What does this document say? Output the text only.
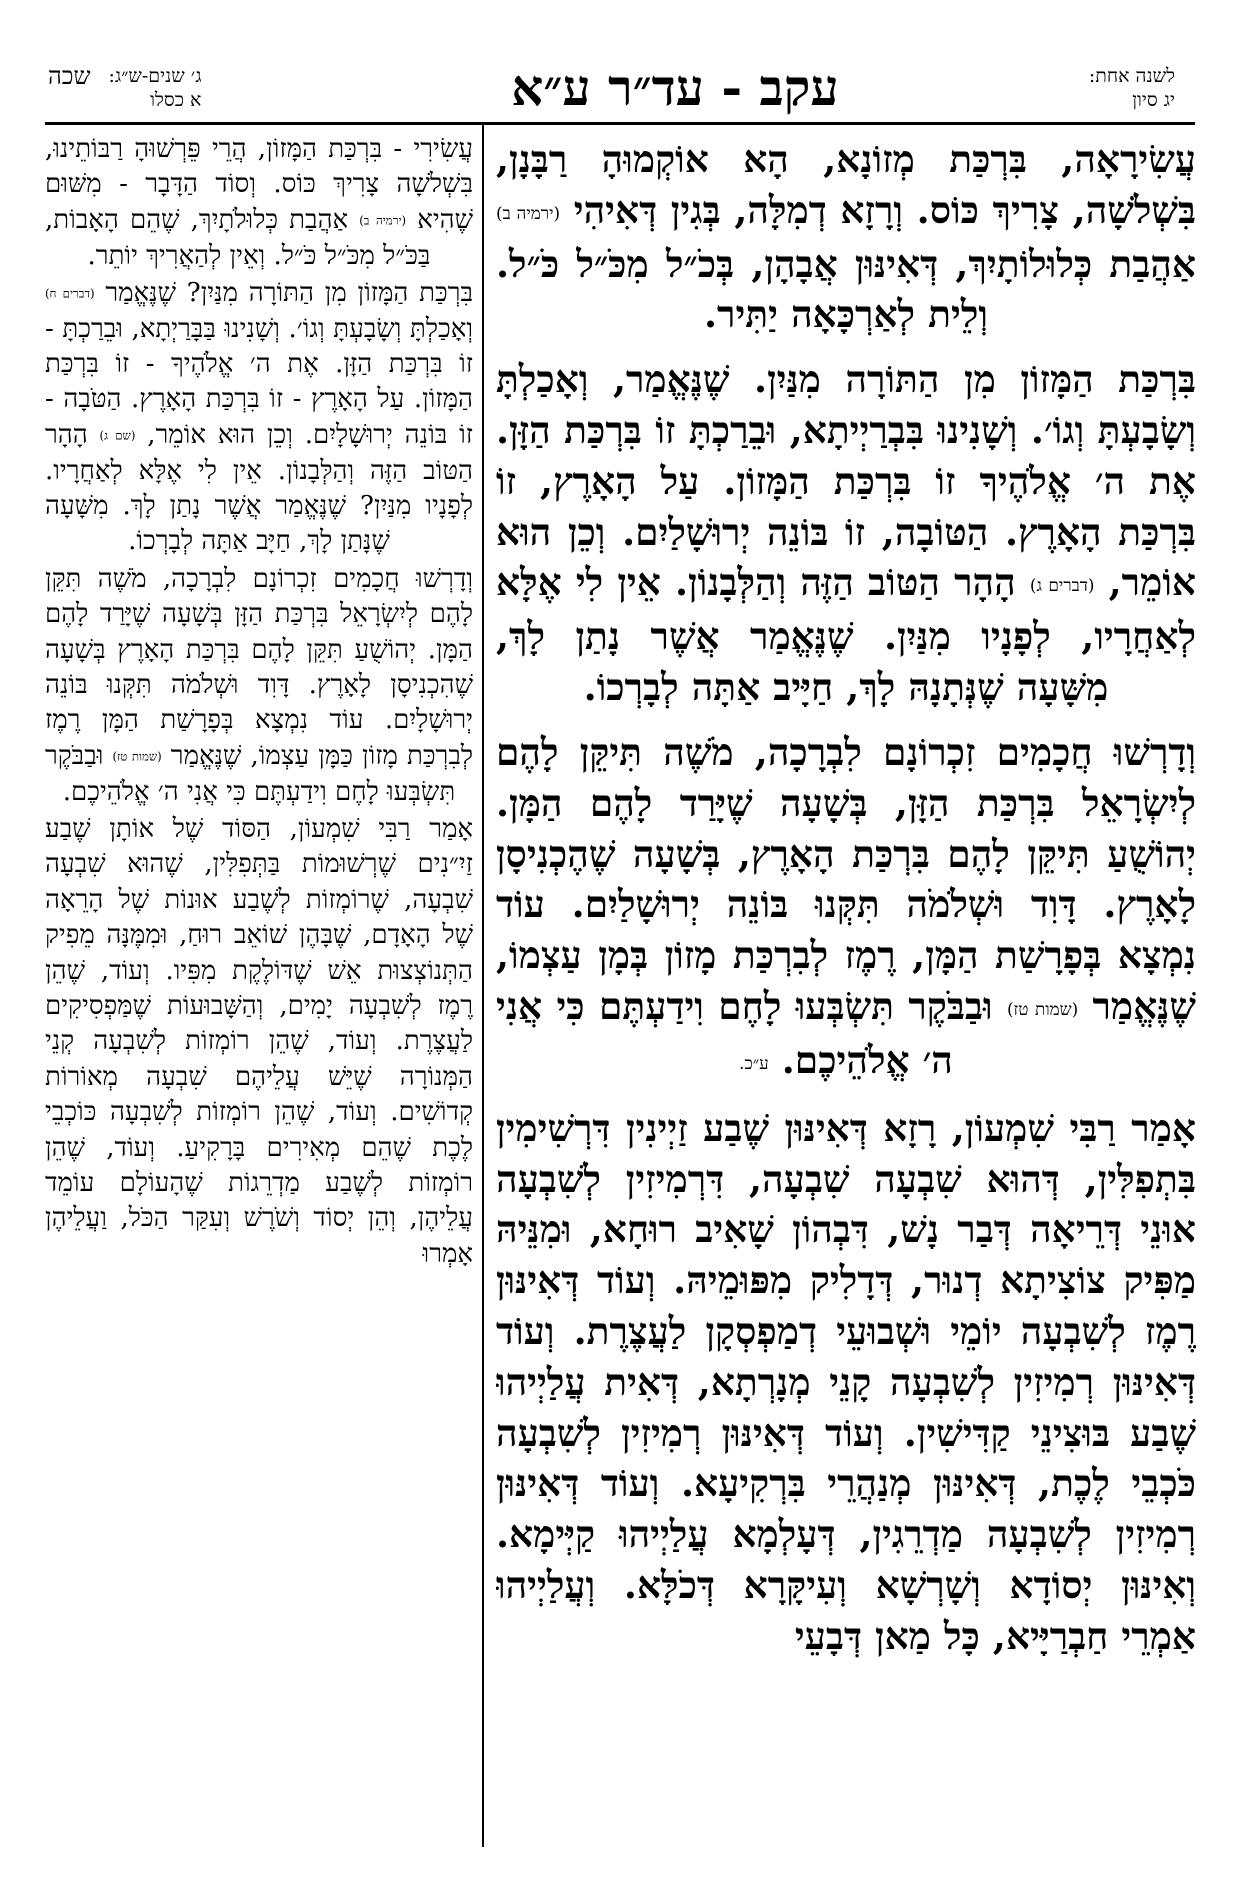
לשנה אחת:
יג סיון
עקב - עד״ר ע״א
ג׳ שנים-ש״ג:
שכה
א כסלו

עֲשִׂירָאָה, בִּרְכַּת מְזוֹנָא, הָא אוֹקְמוּהָ רַבָּנָן, בִּשְׁלֹשָׁה, צָרִיךְ כּוֹס. וְרָזָא דְמִלָּה, בְּגִין דְּאִיהִי (ירמיה ב) אַהֲבַת כְּלוּלוֹתָיִךְ, דְּאִינּוּן אֲבָהָן, בְּכֹ״ל מִכֹּ״ל כֹּ״ל. וְלֵית לְאַרְכָּאָה יַתִּיר.

בִּרְכַּת הַמָּזוֹן מִן הַתּוֹרָה מִנַּיִן. שֶׁנֶּאֱמַר, וְאָכַלְתָּ וְשָׂבָעְתָּ וְגוֹ׳. וְשָׁנִינוּ בִּבְרַיְיתָא, וּבֵרַכְתָּ זוֹ בִּרְכַּת הַזָּן. אֶת ה׳ אֱלֹהֶיךָ זוֹ בִּרְכַּת הַמָּזוֹן. עַל הָאָרֶץ, זוֹ בִּרְכַּת הָאָרֶץ. הַטּוֹבָה, זוֹ בּוֹנֵה יְרוּשָׁלַיִם. וְכֵן הוּא אוֹמֵר, (דברים ג) הָהָר הַטּוֹב הַזֶּה וְהַלְּבָנוֹן. אֵין לִי אֶלָּא לְאַחֲרָיו, לְפָנָיו מִנַּיִן. שֶׁנֶּאֱמַר אֲשֶׁר נָתַן לָךְ, מִשָּׁעָה שֶׁנְּתָנָהּ לָךְ, חַיָּיב אַתָּה לְבָרְכוֹ.

וְדָרְשׁוּ חֲכָמִים זִכְרוֹנָם לִבְרָכָה, מֹשֶׁה תִּיקֵּן לָהֶם לְיִשְׂרָאֵל בִּרְכַּת הַזָּן, בְּשָׁעָה שֶׁיָּרַד לָהֶם הַמָּן. יְהוֹשֻׁעַ תִּיקֵּן לָהֶם בִּרְכַּת הָאָרֶץ, בְּשָׁעָה שֶׁהֶכְנִיסָן לָאָרֶץ. דָּוִד וּשְׁלֹמֹה תִּקְּנוּ בּוֹנֵה יְרוּשָׁלַיִם. עוֹד נִמְצָא בְּפָרָשַׁת הַמָּן, רֶמֶז לְבִרְכַּת מָזוֹן בְּמָן עַצְמוֹ, שֶׁנֶּאֱמַר (שמות טז) וּבַבֹּקֶר תִּשְׂבְּעוּ לָחֶם וִידַעְתֶּם כִּי אֲנִי ה׳ אֱלֹהֵיכֶם. ע״כ.

אָמַר רַבִּי שִׁמְעוֹן, רָזָא דְּאִינּוּן שֶׁבַע זַיְינִין דִּרְשִׁימִין בִּתְפִלִּין, דְּהוּא שִׁבְעָה שִׁבְעָה, דִּרְמִיזִין לְשִׁבְעָה אוּנֵי דְּרֵיאָה דְּבַר נָשׁ, דִּבְהוֹן שָׁאִיב רוּחָא, וּמִנֵּיהּ מַפִּיק צוֹצִיתָא דְנוּר, דְּדָלִיק מִפּוּמֵיהּ. וְעוֹד דְּאִינּוּן רֶמֶז לְשִׁבְעָה יוֹמֵי וּשְׁבוּעֵי דְמַפְסְקָן לַעֲצֶרֶת. וְעוֹד דְּאִינּוּן רְמִיזִין לְשִׁבְעָה קָנֵי מְנָרְתָא, דְּאִית עֲלַיְיהוּ שֶׁבַע בּוּצִינֵי קַדִּישִׁין. וְעוֹד דְּאִינּוּן רְמִיזִין לְשִׁבְעָה כֹּכְבֵי לֶכֶת, דְּאִינּוּן מְנַהֲרֵי בִּרְקִיעָא. וְעוֹד דְּאִינּוּן רְמִיזִין לְשִׁבְעָה מַדְרֵגִין, דְּעָלְמָא עֲלַיְיהוּ קַיְּימָא. וְאִינּוּן יְסוֹדָא וְשָׁרְשָׁא וְעִיקָּרָא דְּכֹלָּא. וְעֲלַיְיהוּ אַמְרֵי חַבְרַיָּיא, כָּל מַאן דְּבָעֵי

עֲשִׂירִי - בִּרְכַּת הַמָּזוֹן, הֲרֵי פֵּרְשׁוּהָ רַבּוֹתֵינוּ, בִּשְׁלֹשָׁה צָרִיךְ כּוֹס. וְסוֹד הַדָּבָר - מִשּׁוּם שֶׁהִיא (ירמיה ב) אַהֲבַת כְּלוּלֹתָיִךְ, שֶׁהֵם הָאָבוֹת, בַּכֹּ״ל מִכֹּ״ל כֹּ״ל. וְאֵין לְהַאֲרִיךְ יוֹתֵר.

בִּרְכַּת הַמָּזוֹן מִן הַתּוֹרָה מִנַּיִן? שֶׁנֶּאֱמַר (דברים ח) וְאָכַלְתָּ וְשָׂבָעְתָּ וְגוֹ׳. וְשָׁנִינוּ בַּבָּרַיְתָא, וּבֵרַכְתָּ - זוֹ בִּרְכַּת הַזָּן. אֶת ה׳ אֱלֹהֶיךָ - זוֹ בִּרְכַּת הַמָּזוֹן. עַל הָאָרֶץ - זוֹ בִּרְכַּת הָאָרֶץ. הַטֹּבָה - זוֹ בּוֹנֵה יְרוּשָׁלָיִם. וְכֵן הוּא אוֹמֵר, (שם ג) הָהָר הַטּוֹב הַזֶּה וְהַלְּבָנוֹן. אֵין לִי אֶלָּא לְאַחֲרָיו. לְפָנָיו מִנַּיִן? שֶׁנֶּאֱמַר אֲשֶׁר נָתַן לָךְ. מִשָּׁעָה שֶׁנָּתַן לָךְ, חַיָּב אַתָּה לְבָרְכוֹ.

וְדָרְשׁוּ חֲכָמִים זִכְרוֹנָם לִבְרָכָה, מֹשֶׁה תִּקֵּן לָהֶם לְיִשְׂרָאֵל בִּרְכַּת הַזָּן בְּשָׁעָה שֶׁיָּרַד לָהֶם הַמָּן. יְהוֹשֻׁעַ תִּקֵּן לָהֶם בִּרְכַּת הָאָרֶץ בְּשָׁעָה שֶׁהִכְנִיסָן לָאָרֶץ. דָּוִד וּשְׁלֹמֹה תִּקְּנוּ בּוֹנֵה יְרוּשָׁלָיִם. עוֹד נִמְצָא בְּפָרָשַׁת הַמָּן רֶמֶז לְבִרְכַּת מָזוֹן כַּמָּן עַצְמוֹ, שֶׁנֶּאֱמַר (שמות טז) וּבַבֹּקֶר תִּשְׂבְּעוּ לָחֶם וִידַעְתֶּם כִּי אֲנִי ה׳ אֱלֹהֵיכֶם.

אָמַר רַבִּי שִׁמְעוֹן, הַסּוֹד שֶׁל אוֹתָן שֶׁבַע זַיִ״נִים שֶׁרְשׁוּמוֹת בַּתְּפִלִּין, שֶׁהוּא שִׁבְעָה שִׁבְעָה, שֶׁרוֹמְזוֹת לְשֶׁבַע אוּנוֹת שֶׁל הָרֵאָה שֶׁל הָאָדָם, שֶׁבָּהֶן שׁוֹאֵב רוּחַ, וּמִמֶּנָּה מֵפִיק הַתְּנוֹצְצוּת אֵשׁ שֶׁדּוֹלֶקֶת מִפִּיו. וְעוֹד, שֶׁהֵן רֶמֶז לְשִׁבְעָה יָמִים, וְהַשָּׁבוּעוֹת שֶׁמַּפְסִיקִים לַעֲצֶרֶת. וְעוֹד, שֶׁהֵן רוֹמְזוֹת לְשִׁבְעָה קְנֵי הַמְּנוֹרָה שֶׁיֵּשׁ עֲלֵיהֶם שִׁבְעָה מְאוֹרוֹת קְדוֹשִׁים. וְעוֹד, שֶׁהֵן רוֹמְזוֹת לְשִׁבְעָה כּוֹכְבֵי לֶכֶת שֶׁהֵם מְאִירִים בָּרָקִיעַ. וְעוֹד, שֶׁהֵן רוֹמְזוֹת לְשֶׁבַע מַדְרֵגוֹת שֶׁהָעוֹלָם עוֹמֵד עֲלֵיהֶן, וְהֵן יְסוֹד וְשֹׁרֶשׁ וְעִקַּר הַכֹּל, וַעֲלֵיהֶן אָמְרוּ
